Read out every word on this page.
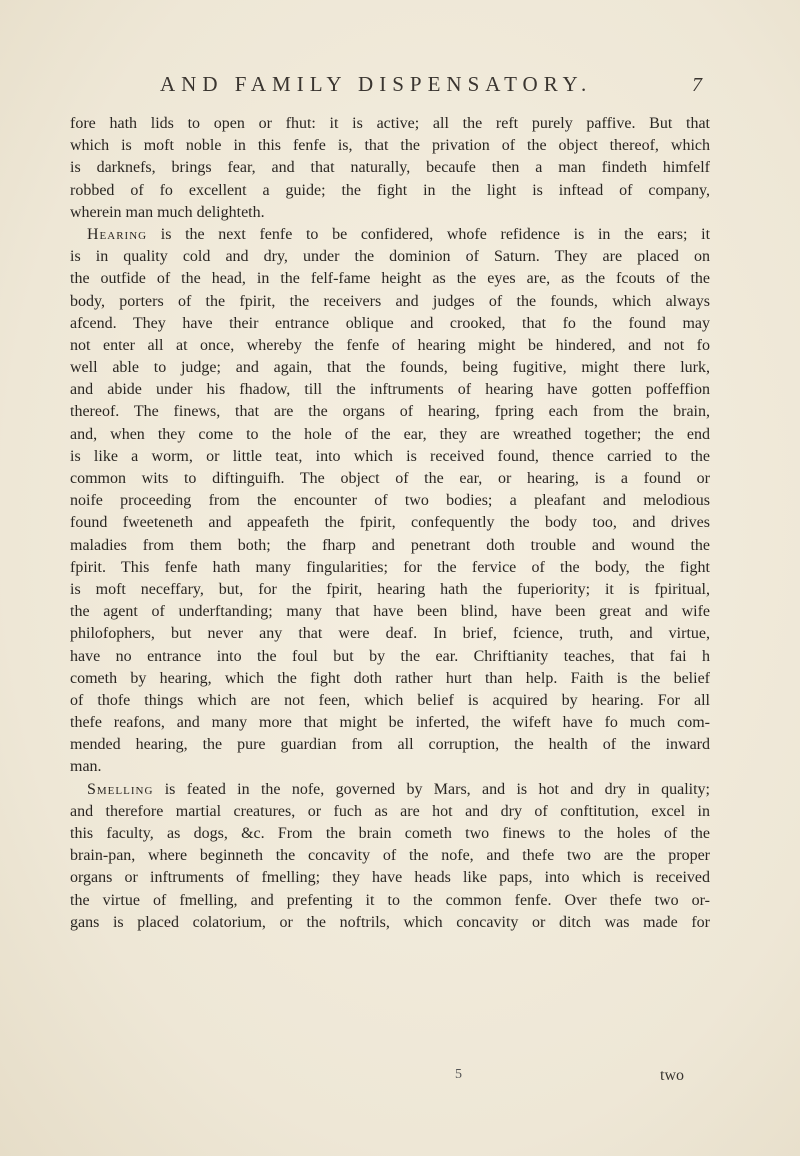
AND FAMILY DISPENSATORY.	7
fore hath lids to open or fhut: it is active; all the reft purely paffive. But that
which is moft noble in this fenfe is, that the privation of the object thereof, which
is darknefs, brings fear, and that naturally, becaufe then a man findeth himfelf
robbed of fo excellent a guide; the fight in the light is inftead of company,
wherein man much delighteth.
Hearing is the next fenfe to be confidered, whofe refidence is in the ears; it
is in quality cold and dry, under the dominion of Saturn. They are placed on
the outfide of the head, in the felf-fame height as the eyes are, as the fcouts of the
body, porters of the fpirit, the receivers and judges of the founds, which always
afcend. They have their entrance oblique and crooked, that fo the found may
not enter all at once, whereby the fenfe of hearing might be hindered, and not fo
well able to judge; and again, that the founds, being fugitive, might there lurk,
and abide under his fhadow, till the inftruments of hearing have gotten poffeffion
thereof. The finews, that are the organs of hearing, fpring each from the brain,
and, when they come to the hole of the ear, they are wreathed together; the end
is like a worm, or little teat, into which is received found, thence carried to the
common wits to diftinguifh. The object of the ear, or hearing, is a found or
noife proceeding from the encounter of two bodies; a pleafant and melodious
found fweeteneth and appeafeth the fpirit, confequently the body too, and drives
maladies from them both; the fharp and penetrant doth trouble and wound the
fpirit. This fenfe hath many fingularities; for the fervice of the body, the fight
is moft neceffary, but, for the fpirit, hearing hath the fuperiority; it is fpiritual,
the agent of underftanding; many that have been blind, have been great and wife
philofophers, but never any that were deaf. In brief, fcience, truth, and virtue,
have no entrance into the foul but by the ear. Chriftianity teaches, that fai h
cometh by hearing, which the fight doth rather hurt than help. Faith is the belief
of thofe things which are not feen, which belief is acquired by hearing. For all
thefe reafons, and many more that might be inferted, the wifeft have fo much com-
mended hearing, the pure guardian from all corruption, the health of the inward
man.
Smelling is feated in the nofe, governed by Mars, and is hot and dry in quality;
and therefore martial creatures, or fuch as are hot and dry of conftitution, excel in
this faculty, as dogs, &c. From the brain cometh two finews to the holes of the
brain-pan, where beginneth the concavity of the nofe, and thefe two are the proper
organs or inftruments of fmelling; they have heads like paps, into which is received
the virtue of fmelling, and prefenting it to the common fenfe. Over thefe two or-
gans is placed colatorium, or the noftrils, which concavity or ditch was made for
5	two
